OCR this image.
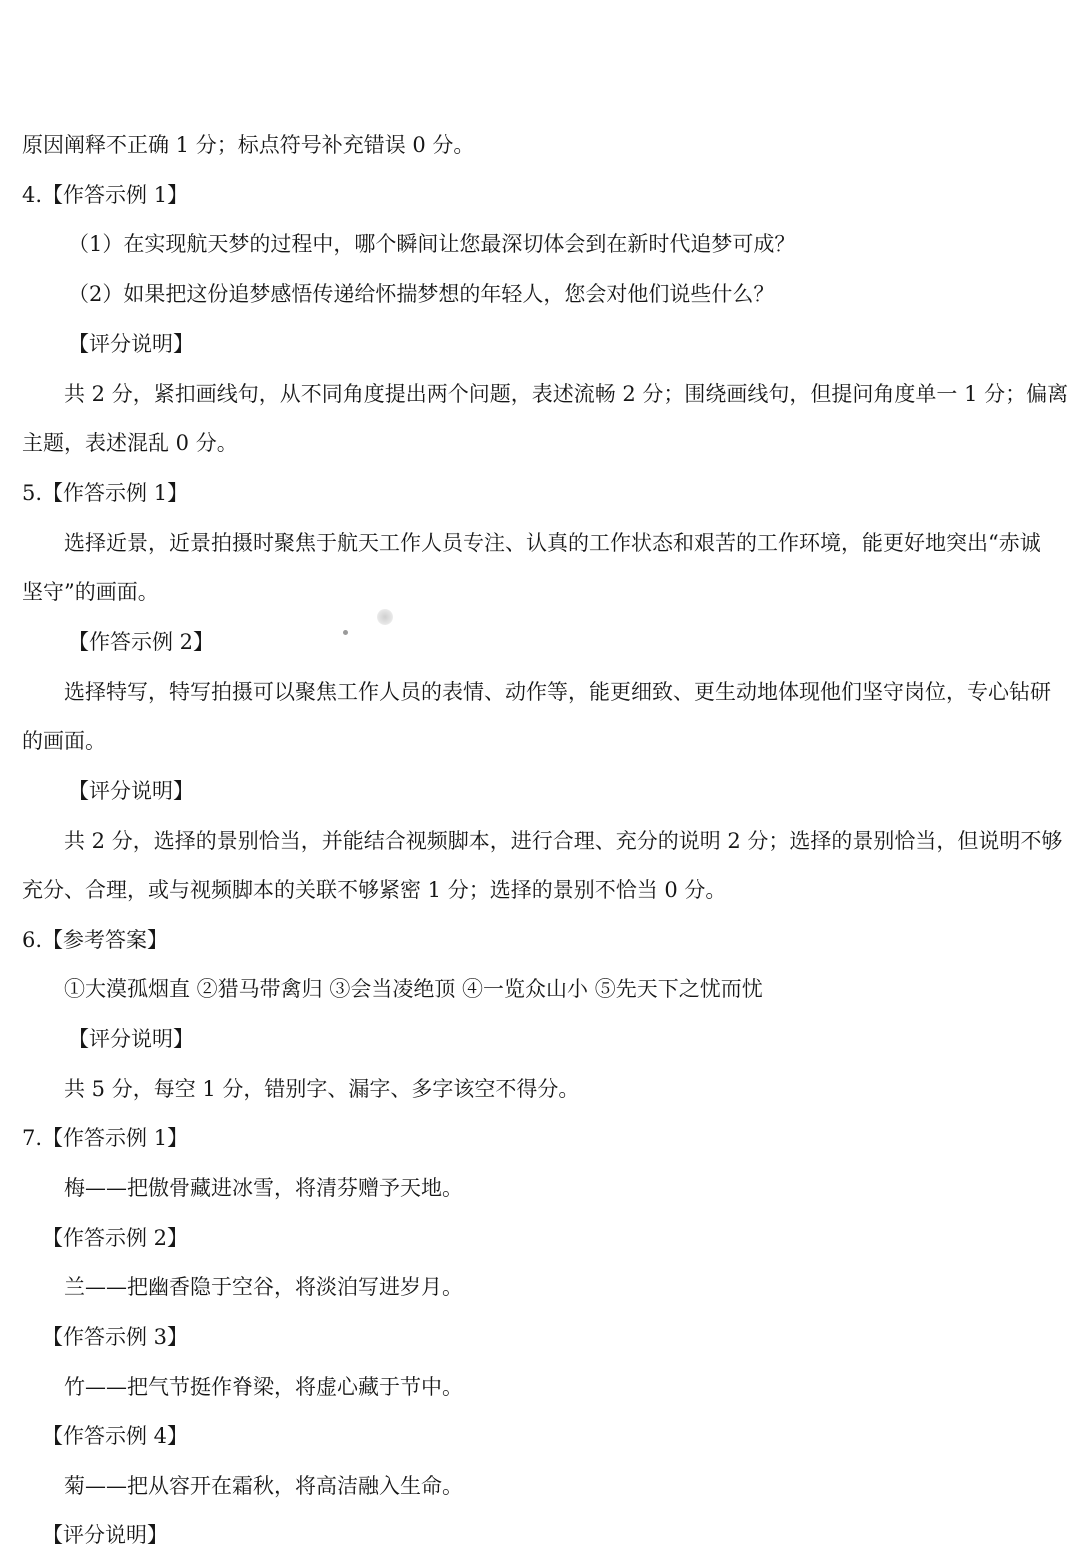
原因阐释不正确 1 分；标点符号补充错误 0 分。
4.【作答示例 1】
（1）在实现航天梦的过程中，哪个瞬间让您最深切体会到在新时代追梦可成？
（2）如果把这份追梦感悟传递给怀揣梦想的年轻人，您会对他们说些什么？
【评分说明】
共 2 分，紧扣画线句，从不同角度提出两个问题，表述流畅 2 分；围绕画线句，但提问角度单一 1 分；偏离
主题，表述混乱 0 分。
5.【作答示例 1】
选择近景，近景拍摄时聚焦于航天工作人员专注、认真的工作状态和艰苦的工作环境，能更好地突出“赤诚
坚守”的画面。
【作答示例 2】
选择特写，特写拍摄可以聚焦工作人员的表情、动作等，能更细致、更生动地体现他们坚守岗位，专心钻研
的画面。
【评分说明】
共 2 分，选择的景别恰当，并能结合视频脚本，进行合理、充分的说明 2 分；选择的景别恰当，但说明不够
充分、合理，或与视频脚本的关联不够紧密 1 分；选择的景别不恰当 0 分。
6.【参考答案】
①大漠孤烟直 ②猎马带禽归 ③会当凌绝顶 ④一览众山小 ⑤先天下之忧而忧
【评分说明】
共 5 分，每空 1 分，错别字、漏字、多字该空不得分。
7.【作答示例 1】
梅——把傲骨藏进冰雪，将清芬赠予天地。
【作答示例 2】
兰——把幽香隐于空谷，将淡泊写进岁月。
【作答示例 3】
竹——把气节挺作脊梁，将虚心藏于节中。
【作答示例 4】
菊——把从容开在霜秋，将高洁融入生命。
【评分说明】
